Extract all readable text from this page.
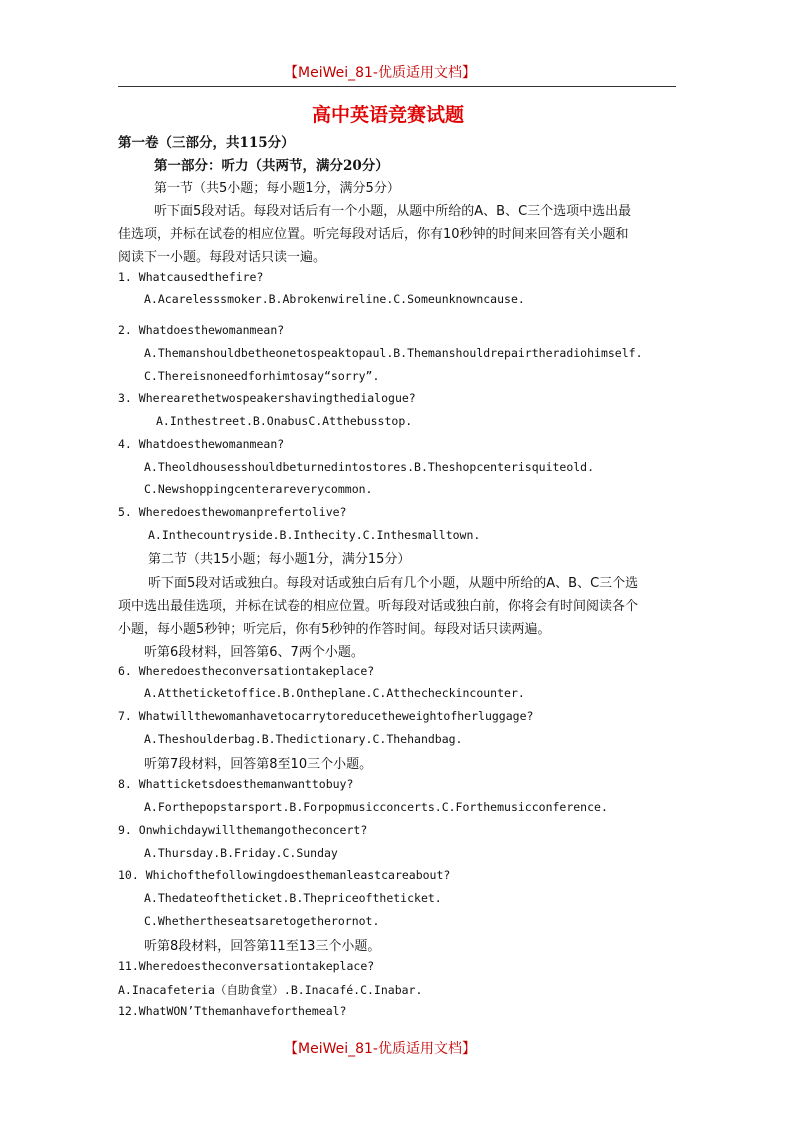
【MeiWei_81-优质适用文档】
高中英语竞赛试题
第一卷（三部分，共115分）
第一部分：听力（共两节，满分20分）
第一节（共5小题；每小题1分，满分5分）
听下面5段对话。每段对话后有一个小题，从题中所给的A、B、C三个选项中选出最
佳选项，并标在试卷的相应位置。听完每段对话后，你有10秒钟的时间来回答有关小题和
阅读下一小题。每段对话只读一遍。
1. Whatcausedthefire?
A.Acarelesssmoker.B.Abrokenwireline.C.Someunknowncause.
2. Whatdoesthewomanmean?
A.Themanshouldbetheonetospeaktopaul.B.Themanshouldrepairtheradiohimself.
C.Thereisnoneedforhimtosay“sorry”.
3. Wherearethetwospeakershavingthedialogue?
A.Inthestreet.B.OnabusC.Atthebusstop.
4. Whatdoesthewomanmean?
A.Theoldhousesshouldbeturnedintostores.B.Theshopcenterisquiteold.
C.Newshoppingcenterareverycommon.
5. Wheredoesthewomanprefertolive?
A.Inthecountryside.B.Inthecity.C.Inthesmalltown.
第二节（共15小题；每小题1分，满分15分）
听下面5段对话或独白。每段对话或独白后有几个小题，从题中所给的A、B、C三个选
项中选出最佳选项，并标在试卷的相应位置。听每段对话或独白前，你将会有时间阅读各个
小题，每小题5秒钟；听完后，你有5秒钟的作答时间。每段对话只读两遍。
听第6段材料，回答第6、7两个小题。
6. Wheredoestheconversationtakeplace?
A.Attheticketoffice.B.Ontheplane.C.Atthecheckincounter.
7. Whatwillthewomanhavetocarrytoreducetheweightofherluggage?
A.Theshoulderbag.B.Thedictionary.C.Thehandbag.
听第7段材料，回答第8至10三个小题。
8. Whatticketsdoesthemanwanttobuy?
A.Forthepopstarsport.B.Forpopmusicconcerts.C.Forthemusicconference.
9. Onwhichdaywillthemangotheconcert?
A.Thursday.B.Friday.C.Sunday
10. Whichofthefollowingdoesthemanleastcareabout?
A.Thedateoftheticket.B.Thepriceoftheticket.
C.Whethertheseatsaretogetherornot.
听第8段材料，回答第11至13三个小题。
11.Wheredoestheconversationtakeplace?
A.Inacafeteria（自助食堂）.B.Inacafé.C.Inabar.
12.WhatWON’Tthemanhaveforthemeal?
【MeiWei_81-优质适用文档】
